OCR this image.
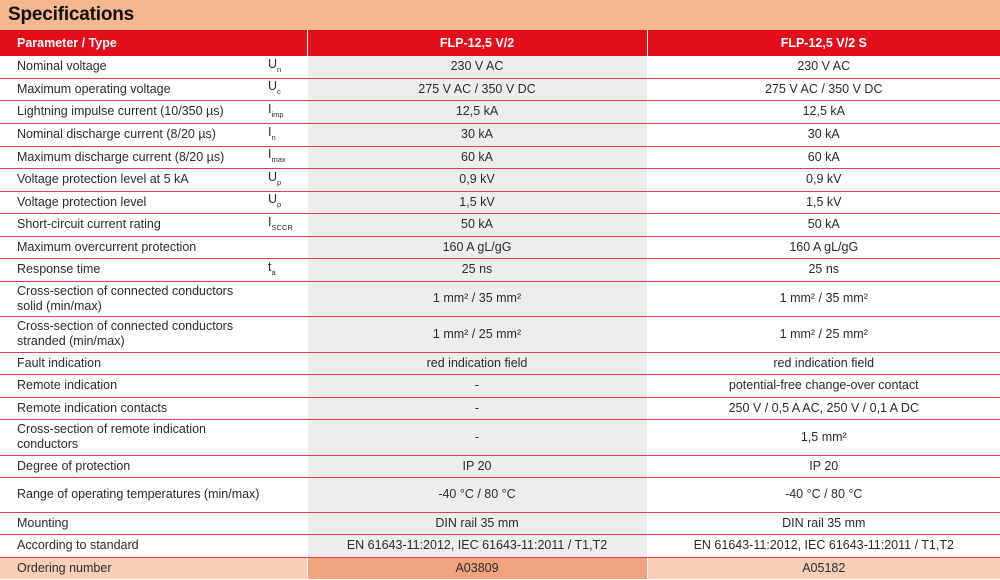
Specifications
Parameter / Type		FLP-12,5 V/2	FLP-12,5 V/2 S
Nominal voltage	$U_n$	230 V AC	230 V AC
Maximum operating voltage	$U_c$	275 V AC / 350 V DC	275 V AC / 350 V DC
Lightning impulse current (10/350 µs)	$I_{imp}$	12,5 kA	12,5 kA
Nominal discharge current (8/20 µs)	$I_n$	30 kA	30 kA
Maximum discharge current (8/20 µs)	$I_{max}$	60 kA	60 kA
Voltage protection level at 5 kA	$U_p$	0,9 kV	0,9 kV
Voltage protection level	$U_p$	1,5 kV	1,5 kV
Short-circuit current rating	$I_{SCCR}$	50 kA	50 kA
Maximum overcurrent protection		160 A gL/gG	160 A gL/gG
Response time	$t_a$	25 ns	25 ns
Cross-section of connected conductors solid (min/max)		1 mm² / 35 mm²	1 mm² / 35 mm²
Cross-section of connected conductors stranded (min/max)		1 mm² / 25 mm²	1 mm² / 25 mm²
Fault indication		red indication field	red indication field
Remote indication		-	potential-free change-over contact
Remote indication contacts		-	250 V / 0,5 A AC, 250 V / 0,1 A DC
Cross-section of remote indication conductors		-	1,5 mm²
Degree of protection		IP 20	IP 20
Range of operating temperatures (min/max)		-40 °C / 80 °C	-40 °C / 80 °C
Mounting		DIN rail 35 mm	DIN rail 35 mm
According to standard		EN 61643-11:2012, IEC 61643-11:2011 / T1,T2	EN 61643-11:2012, IEC 61643-11:2011 / T1,T2
Ordering number		A03809	A05182
